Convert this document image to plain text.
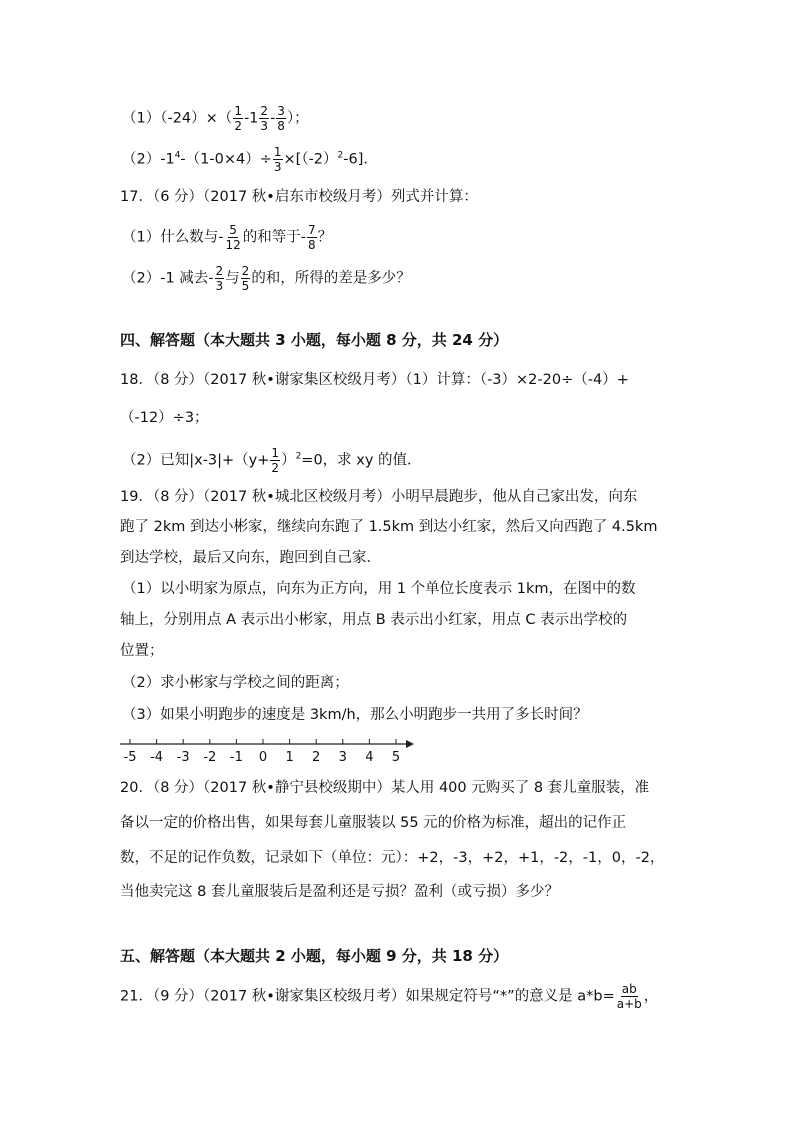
$(1)(-24)\times( \frac{1}{2} -1 \frac{2}{3} - \frac{3}{8}$ ）；
$(2)-1^4-(1-0\times 4)\div \frac{1}{3} \times[(-2)^2-6]$．
17．（6 分）（2017 秋•启东市校级月考）列式并计算：
（1）什么数与- $\frac{5}{12}$ 的和等于- $\frac{7}{8}$ ？
（2）-1 减去- $\frac{2}{3}$ 与 $\frac{2}{5}$ 的和，所得的差是多少？
四、解答题（本大题共 3 小题，每小题 8 分，共 24 分）
18．（8 分）（2017 秋•谢家集区校级月考）（1）计算：（-3）×2-20÷（-4）+
（-12）÷3；
（2）已知$|x-3|+(y+ \frac{1}{2} )^2=0$，求 xy 的值．
19．（8 分）（2017 秋•城北区校级月考）小明早晨跑步，他从自己家出发，向东
跑了 2km 到达小彬家，继续向东跑了 1.5km 到达小红家，然后又向西跑了 4.5km
到达学校，最后又向东，跑回到自己家．
（1）以小明家为原点，向东为正方向，用 1 个单位长度表示 1km，在图中的数
轴上，分别用点 A 表示出小彬家，用点 B 表示出小红家，用点 C 表示出学校的
位置；
（2）求小彬家与学校之间的距离；
（3）如果小明跑步的速度是 3km/h，那么小明跑步一共用了多长时间？
-5 -4 -3 -2 -1 0 1 2 3 4 5
20．（8 分）（2017 秋•静宁县校级期中）某人用 400 元购买了 8 套儿童服装，准
备以一定的价格出售，如果每套儿童服装以 55 元的价格为标准，超出的记作正
数，不足的记作负数，记录如下（单位：元）：+2，-3，+2，+1，-2，-1，0，-2，
当他卖完这 8 套儿童服装后是盈利还是亏损？盈利（或亏损）多少？
五、解答题（本大题共 2 小题，每小题 9 分，共 18 分）
21．（9 分）（2017 秋•谢家集区校级月考）如果规定符号“*”的意义是 $a*b= \frac{ab}{a+b}$ ，
